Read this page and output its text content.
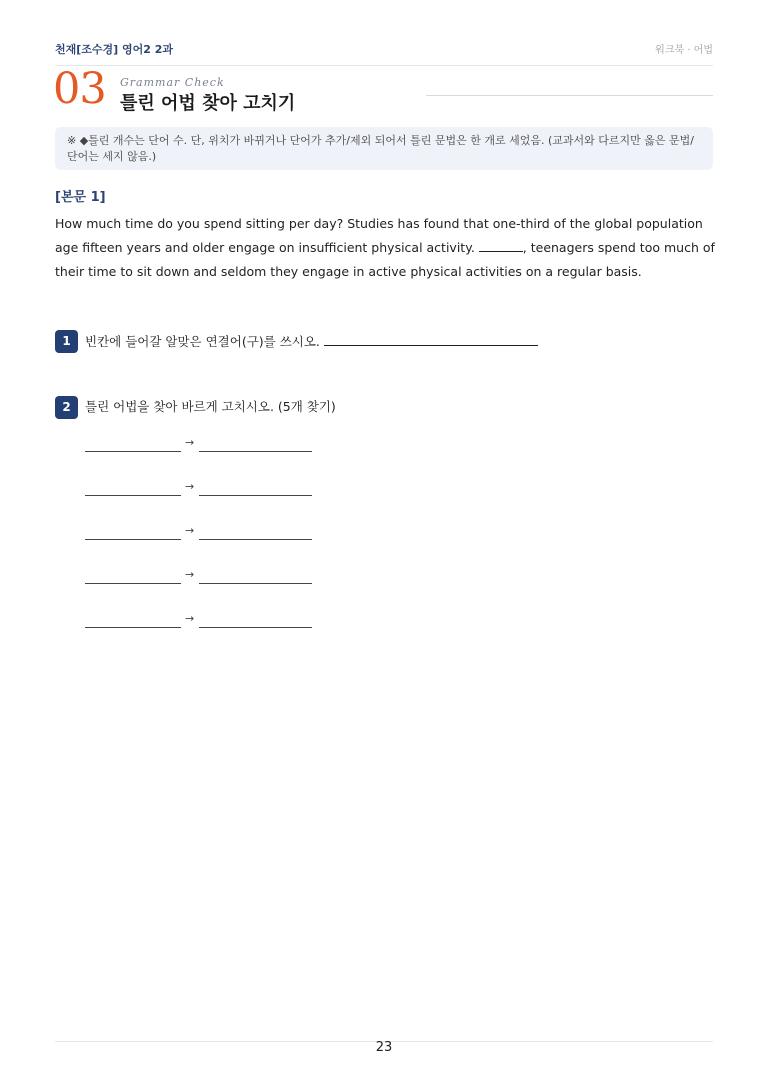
천재[조수경] 영어2 2과	워크북 · 어법
03 Grammar Check
틀린 어법 찾아 고치기
※ ◆틀린 개수는 단어 수. 단, 위치가 바뀌거나 단어가 추가/제외 되어서 틀린 문법은 한 개로 세었음. (교과서와 다르지만 옳은 문법/단어는 세지 않음.)
[본문 1]
How much time do you spend sitting per day? Studies has found that one-third of the global population age fifteen years and older engage on insufficient physical activity.	, teenagers spend too much of their time to sit down and seldom they engage in active physical activities on a regular basis.
1	빈칸에 들어갈 알맞은 연결어(구)를 쓰시오.
2	틀린 어법을 찾아 바르게 고치시오. (5개 찾기)
→
→
→
→
→
23
